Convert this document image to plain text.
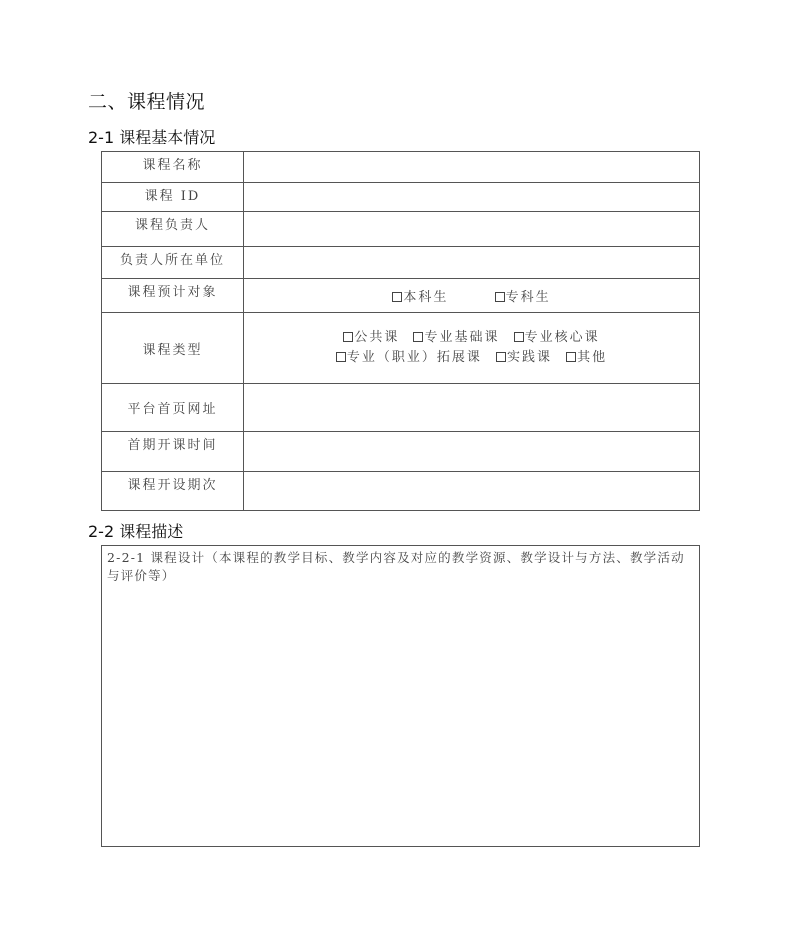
二、课程情况
2-1 课程基本情况
课程名称	
课程 ID	
课程负责人	
负责人所在单位	
课程预计对象	本科生 专科生
课程类型	公共课 专业基础课 专业核心课
专业（职业）拓展课 实践课 其他

平台首页网址	
首期开课时间	
课程开设期次	
2-2 课程描述
2-2-1 课程设计（本课程的教学目标、教学内容及对应的教学资源、教学设计与方法、教学活动与评价等）
